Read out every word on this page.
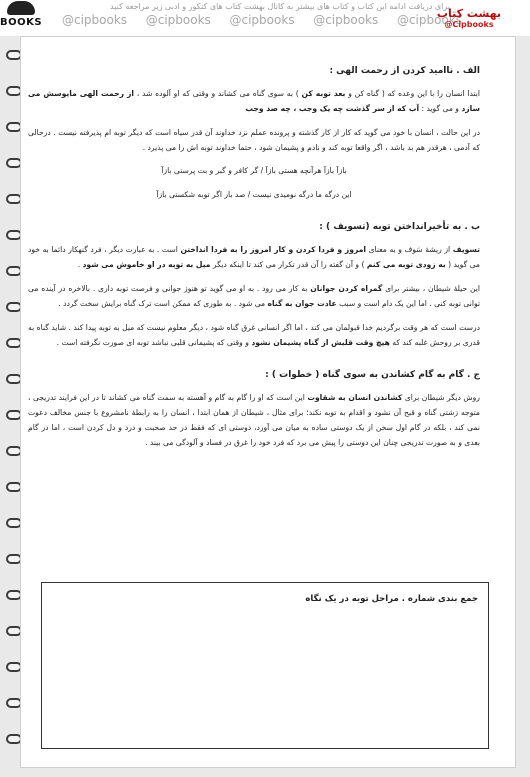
برای دریافت ادامه این کتاب و کتاب های بیشتر به کانال بهشت کتاب های کنکور و ادبی زیر مراجعه کنید
@cipbooks @cipbooks @cipbooks @cipbooks @cipbooks
BOOKS
بهشت کتاب
@Cipbooks
الف . ناامید کردن از رحمت الهی :

ابتدا انسان را با این وعده که ( گناه کن و بعد توبه کن ) به سوی گناه می کشاند و وقتی که او آلوده شد ، از رحمت الهی مایوسش می سازد و می گوید : آب که از سر گذشت چه یک وجب ، چه صد وجب

در این حالت ، انسان با خود می گوید که کار از کار گذشته و پرونده عملم نزد خداوند آن قدر سیاه است که دیگر توبه ام پذیرفته نیست . درحالی که آدمی ، هرقدر هم بد باشد ، اگر واقعا توبه کند و نادم و پشیمان شود ، حتما خداوند توبه اش را می پذیرد .

بازآ بازآ هرآنچه هستی بازآ / گر کافر و گبر و بت پرستی بازآ
این درگه ما درگه نومیدی نیست / صد بار اگر توبه شکستی بازآ
ب . به تأخیرانداختن توبه (تسویف ) :

تسویف از ریشهٔ سَوف و به معنای امروز و فردا کردن و کار امروز را به فردا انداختن است . به عبارت دیگر ، فرد گنهکار دائما به خود می گوید ( به زودی توبه می کنم ) و آن گفته را آن قدر تکرار می کند تا اینکه دیگر میل به توبه در او خاموش می شود .

این حیلهٔ شیطان ، بیشتر برای گمراه کردن جوانان به کار می رود . به او می گوید تو هنوز جوانی و فرصت توبه داری . بالاخره در آینده می توانی توبه کنی . اما این یک دام است و سبب عادت جوان به گناه می شود . به طوری که ممکن است ترک گناه برایش سخت گردد .

درست است که هر وقت برگردیم خدا قبولمان می کند ، اما اگر انسانی غرق گناه شود ، دیگر معلوم نیست که میل به توبه پیدا کند . شاید گناه به قدری بر روحش غلبه کند که هیچ وقت قلبش از گناه پشیمان نشود و وقتی که پشیمانی قلبی نباشد توبه ای صورت نگرفته است .

ج . گام به گام کشاندن به سوی گناه ( خطوات ) :

روش دیگر شیطان برای کشاندن انسان به شقاوت این است که او را گام به گام و آهسته به سمت گناه می کشاند تا در این فرایند تدریجی ، متوجه زشتی گناه و قبح آن نشود و اقدام به توبه نکند؛ برای مثال ، شیطان از همان ابتدا ، انسان را به رابطهٔ نامشروع با جنس مخالف دعوت نمی کند ، بلکه در گام اول سخن از یک دوستی ساده به میان می آورد، دوستی ای که فقط در حد صحبت و درد و دل کردن است ، اما در گام بعدی و به صورت تدریجی چنان این دوستی را پیش می برد که فرد خود را غرق در فساد و آلودگی می بیند .

جمع بندی شماره . مراحل توبه در یک نگاه
